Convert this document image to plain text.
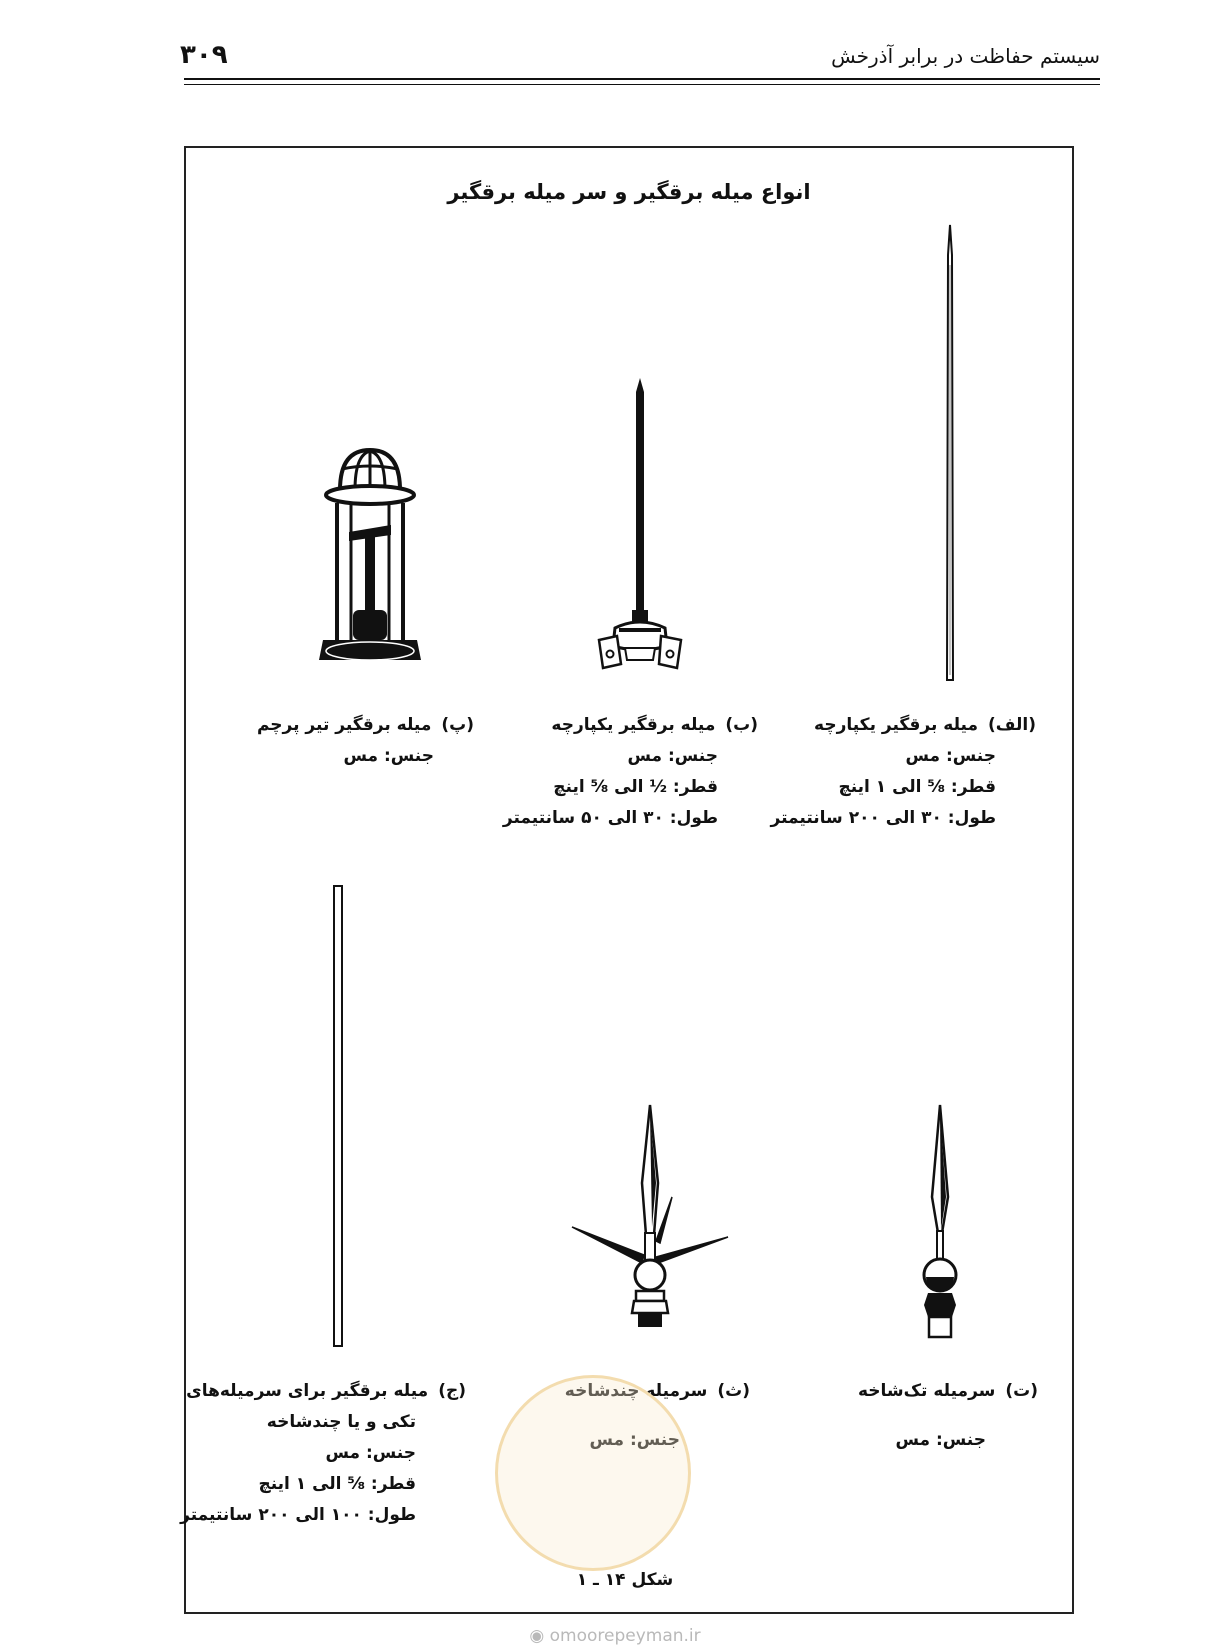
سیستم حفاظت در برابر آذرخش
۳۰۹
انواع میله برقگیر و سر میله برقگیر
(الف)میله برقگیر یکپارچه
جنس: مس
قطر: ⅝ الی ۱ اینچ
طول: ۳۰ الی ۲۰۰ سانتیمتر
(ب)میله برقگیر یکپارچه
جنس: مس
قطر: ½ الی ⅝ اینچ
طول: ۳۰ الی ۵۰ سانتیمتر
(پ)میله برقگیر تیر پرچم
جنس: مس
(ت)سرمیله تک‌شاخه
جنس: مس
(ث)سرمیله چندشاخه
جنس: مس
(ج)میله برقگیر برای سرمیله‌های
تکی و یا چندشاخه
جنس: مس
قطر: ⅝ الی ۱ اینچ
طول: ۱۰۰ الی ۲۰۰ سانتیمتر
شکل ۱۴ ـ ۱
◉ omoorepeyman.ir
